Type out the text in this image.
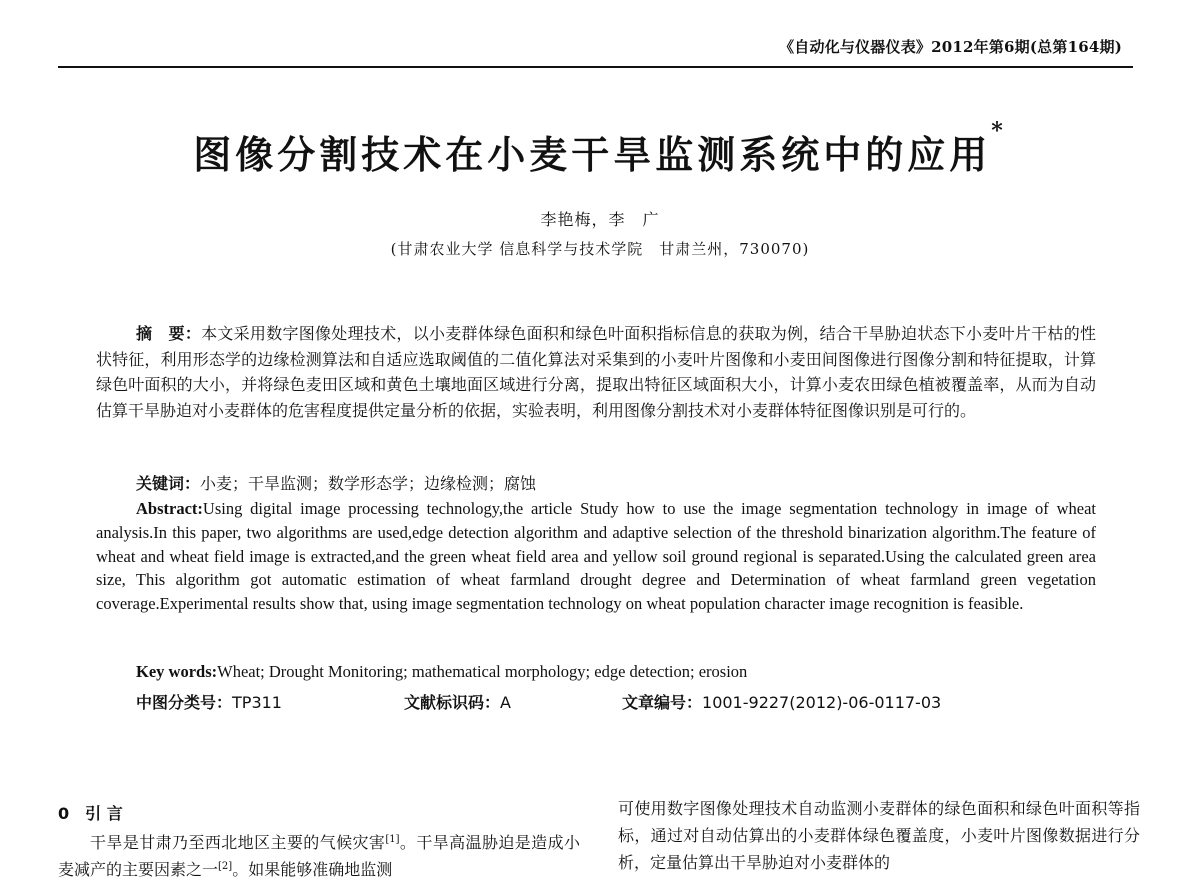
《自动化与仪器仪表》2012年第6期(总第164期)
图像分割技术在小麦干旱监测系统中的应用*
李艳梅，李　广
(甘肃农业大学 信息科学与技术学院　甘肃兰州，730070)
摘　要：本文采用数字图像处理技术，以小麦群体绿色面积和绿色叶面积指标信息的获取为例，结合干旱胁迫状态下小麦叶片干枯的性状特征，利用形态学的边缘检测算法和自适应选取阈值的二值化算法对采集到的小麦叶片图像和小麦田间图像进行图像分割和特征提取，计算绿色叶面积的大小，并将绿色麦田区域和黄色土壤地面区域进行分离，提取出特征区域面积大小，计算小麦农田绿色植被覆盖率，从而为自动估算干旱胁迫对小麦群体的危害程度提供定量分析的依据，实验表明，利用图像分割技术对小麦群体特征图像识别是可行的。
关键词：小麦；干旱监测；数学形态学；边缘检测；腐蚀
Abstract:Using digital image processing technology,the article Study how to use the image segmentation technology in image of wheat analysis.In this paper, two algorithms are used,edge detection algorithm and adaptive selection of the threshold binarization algorithm.The feature of wheat and wheat field image is extracted,and the green wheat field area and yellow soil ground regional is separated.Using the calculated green area size, This algorithm got automatic estimation of wheat farmland drought degree and Determination of wheat farmland green vegetation coverage.Experimental results show that, using image segmentation technology on wheat population character image recognition is feasible.
Key words:Wheat; Drought Monitoring; mathematical morphology; edge detection; erosion
中图分类号：TP311	文献标识码：A	文章编号：1001-9227(2012)-06-0117-03
0　引 言
干旱是甘肃乃至西北地区主要的气候灾害[1]。干旱高温胁迫是造成小麦减产的主要因素之一[2]。如果能够准确地监测
可使用数字图像处理技术自动监测小麦群体的绿色面积和绿色叶面积等指标，通过对自动估算出的小麦群体绿色覆盖度，小麦叶片图像数据进行分析，定量估算出干旱胁迫对小麦群体的
